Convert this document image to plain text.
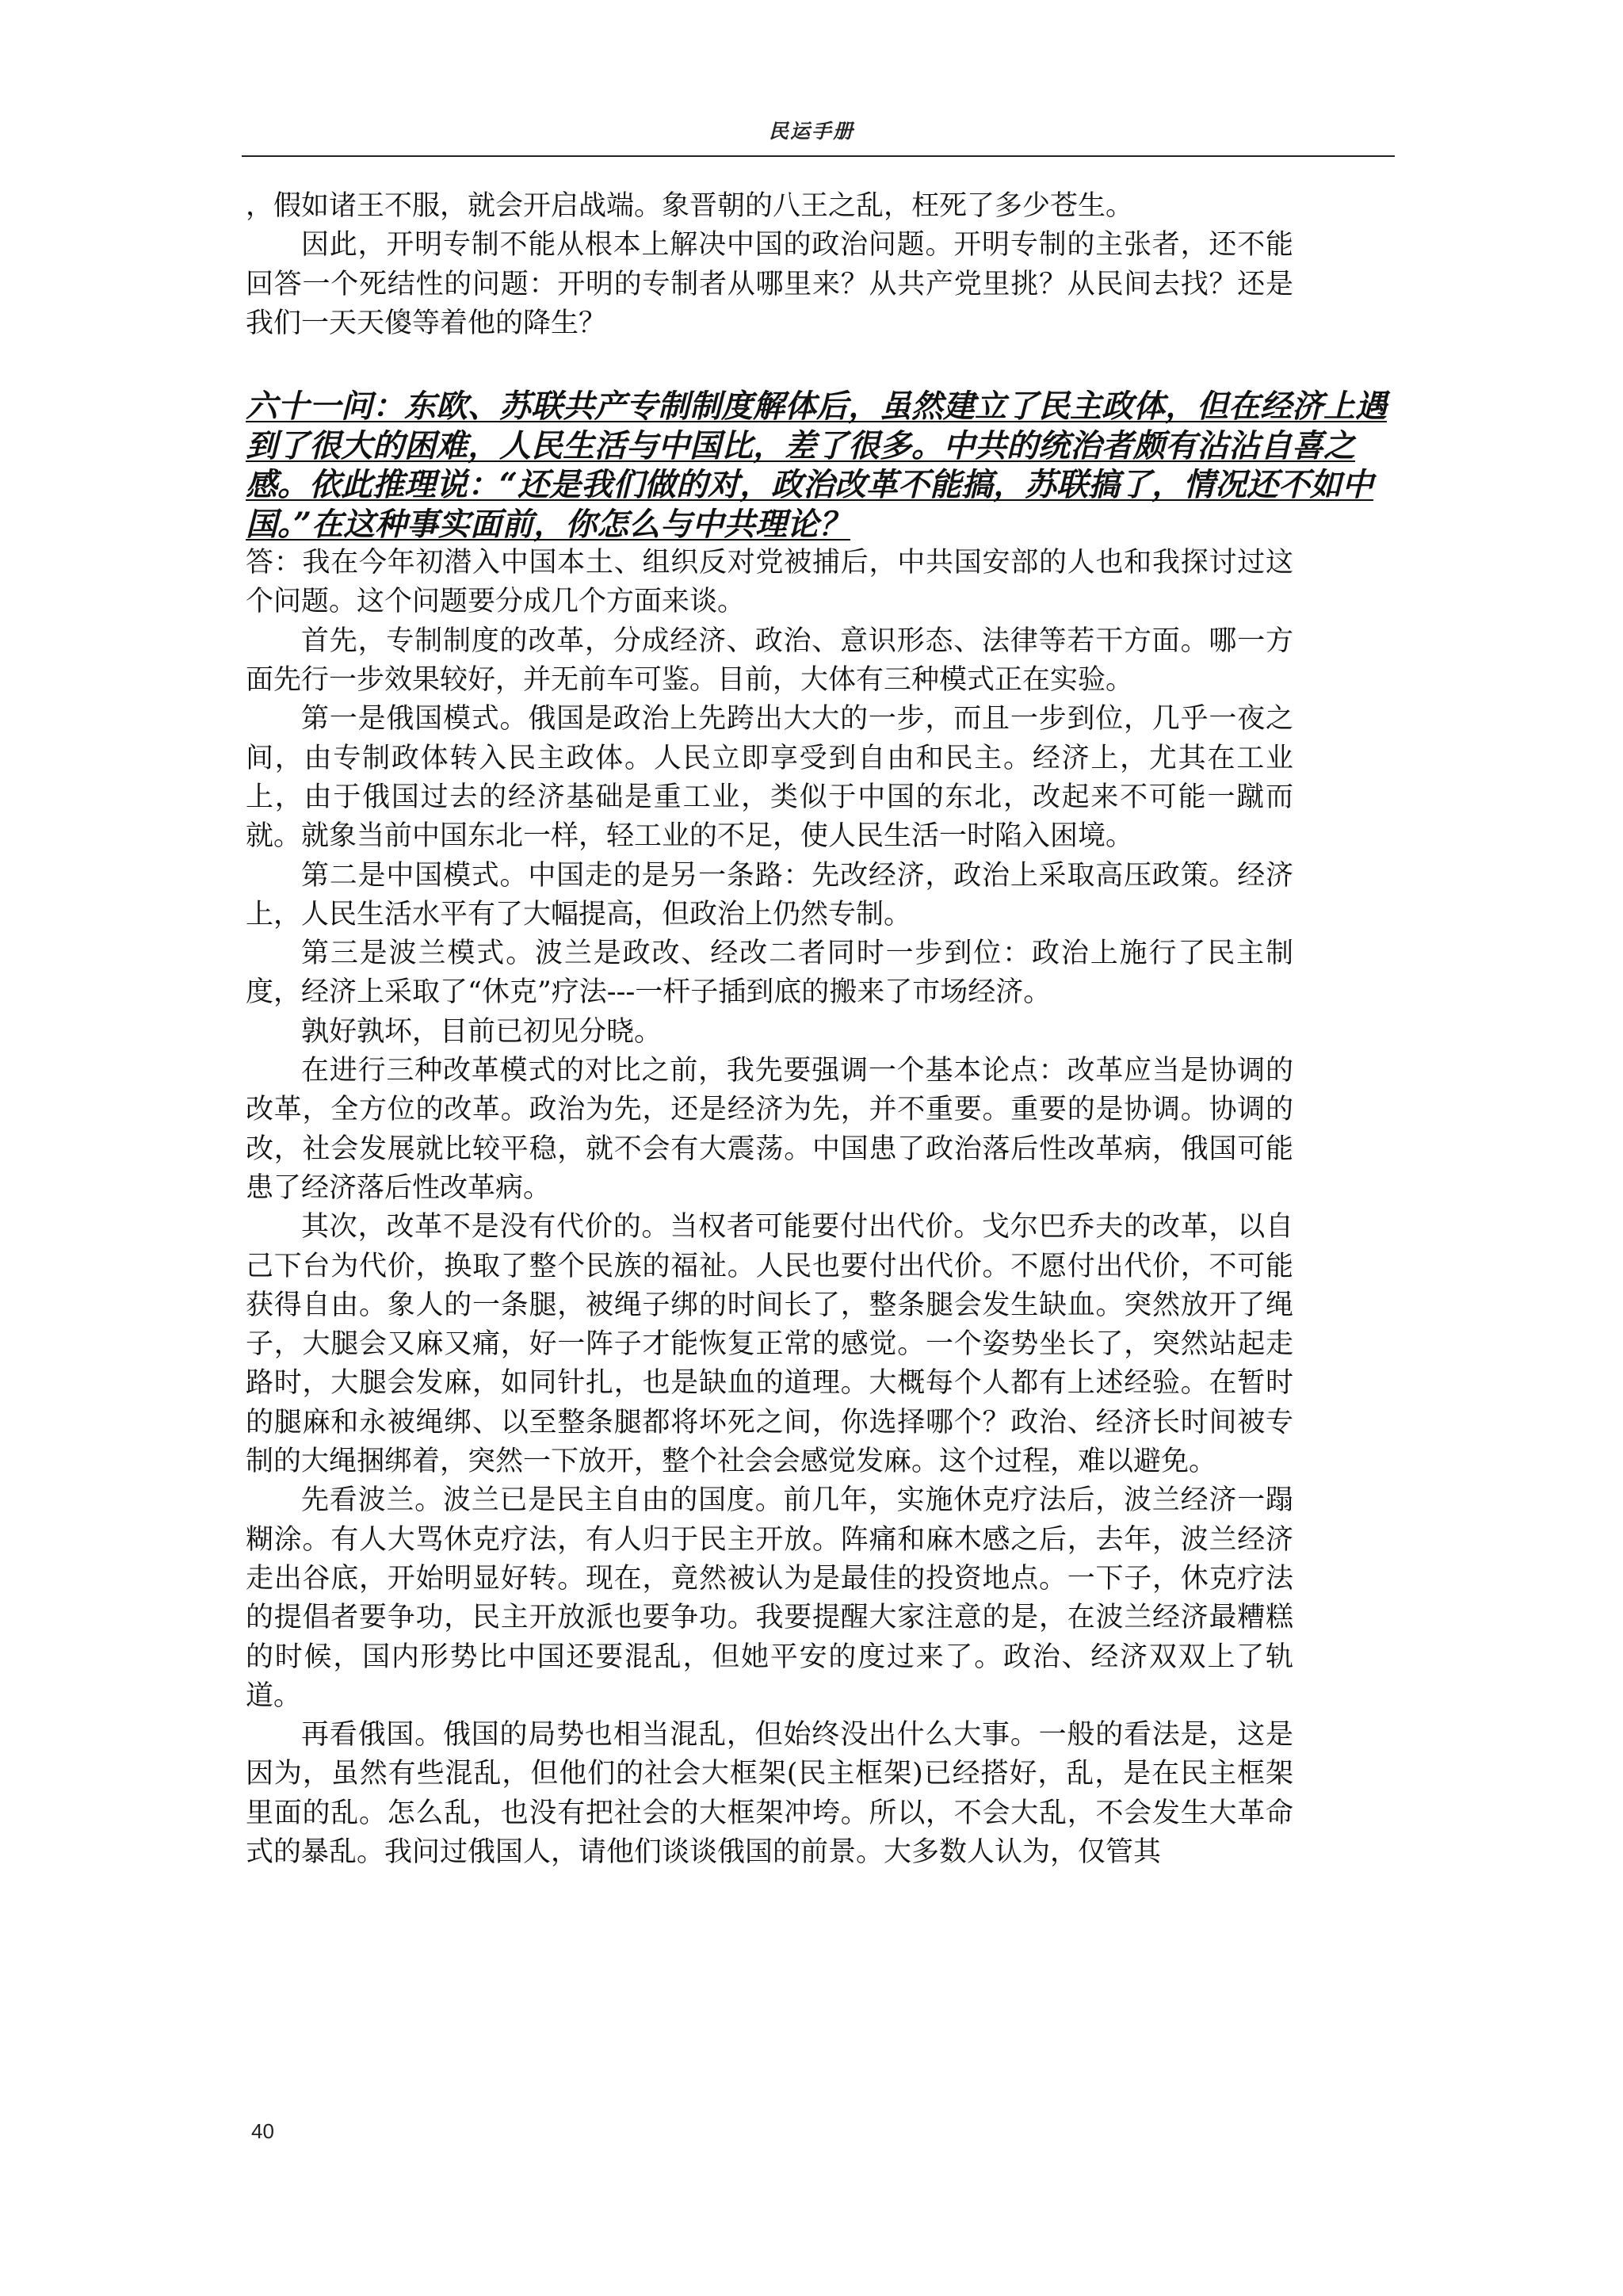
民运手册

，假如诸王不服，就会开启战端。象晋朝的八王之乱，枉死了多少苍生。

因此，开明专制不能从根本上解决中国的政治问题。开明专制的主张者，还不能回答一个死结性的问题：开明的专制者从哪里来？从共产党里挑？从民间去找？还是我们一天天傻等着他的降生？

六十一问：东欧、苏联共产专制制度解体后，虽然建立了民主政体，但在经济上遇到了很大的困难，人民生活与中国比，差了很多。中共的统治者颇有沾沾自喜之感。依此推理说：“还是我们做的对，政治改革不能搞，苏联搞了，情况还不如中国。”在这种事实面前，你怎么与中共理论？

答：我在今年初潜入中国本土、组织反对党被捕后，中共国安部的人也和我探讨过这个问题。这个问题要分成几个方面来谈。

首先，专制制度的改革，分成经济、政治、意识形态、法律等若干方面。哪一方面先行一步效果较好，并无前车可鉴。目前，大体有三种模式正在实验。

第一是俄国模式。俄国是政治上先跨出大大的一步，而且一步到位，几乎一夜之间，由专制政体转入民主政体。人民立即享受到自由和民主。经济上，尤其在工业上，由于俄国过去的经济基础是重工业，类似于中国的东北，改起来不可能一蹴而就。就象当前中国东北一样，轻工业的不足，使人民生活一时陷入困境。

第二是中国模式。中国走的是另一条路：先改经济，政治上采取高压政策。经济上，人民生活水平有了大幅提高，但政治上仍然专制。

第三是波兰模式。波兰是政改、经改二者同时一步到位：政治上施行了民主制度，经济上采取了“休克”疗法---一杆子插到底的搬来了市场经济。

孰好孰坏，目前已初见分晓。

在进行三种改革模式的对比之前，我先要强调一个基本论点：改革应当是协调的改革，全方位的改革。政治为先，还是经济为先，并不重要。重要的是协调。协调的改，社会发展就比较平稳，就不会有大震荡。中国患了政治落后性改革病，俄国可能患了经济落后性改革病。

其次，改革不是没有代价的。当权者可能要付出代价。戈尔巴乔夫的改革，以自己下台为代价，换取了整个民族的福祉。人民也要付出代价。不愿付出代价，不可能获得自由。象人的一条腿，被绳子绑的时间长了，整条腿会发生缺血。突然放开了绳子，大腿会又麻又痛，好一阵子才能恢复正常的感觉。一个姿势坐长了，突然站起走路时，大腿会发麻，如同针扎，也是缺血的道理。大概每个人都有上述经验。在暂时的腿麻和永被绳绑、以至整条腿都将坏死之间，你选择哪个？政治、经济长时间被专制的大绳捆绑着，突然一下放开，整个社会会感觉发麻。这个过程，难以避免。

先看波兰。波兰已是民主自由的国度。前几年，实施休克疗法后，波兰经济一蹋糊涂。有人大骂休克疗法，有人归于民主开放。阵痛和麻木感之后，去年，波兰经济走出谷底，开始明显好转。现在，竟然被认为是最佳的投资地点。一下子，休克疗法的提倡者要争功，民主开放派也要争功。我要提醒大家注意的是，在波兰经济最糟糕的时候，国内形势比中国还要混乱，但她平安的度过来了。政治、经济双双上了轨道。

再看俄国。俄国的局势也相当混乱，但始终没出什么大事。一般的看法是，这是因为，虽然有些混乱，但他们的社会大框架(民主框架)已经搭好，乱，是在民主框架里面的乱。怎么乱，也没有把社会的大框架冲垮。所以，不会大乱，不会发生大革命式的暴乱。我问过俄国人，请他们谈谈俄国的前景。大多数人认为，仅管其

40
